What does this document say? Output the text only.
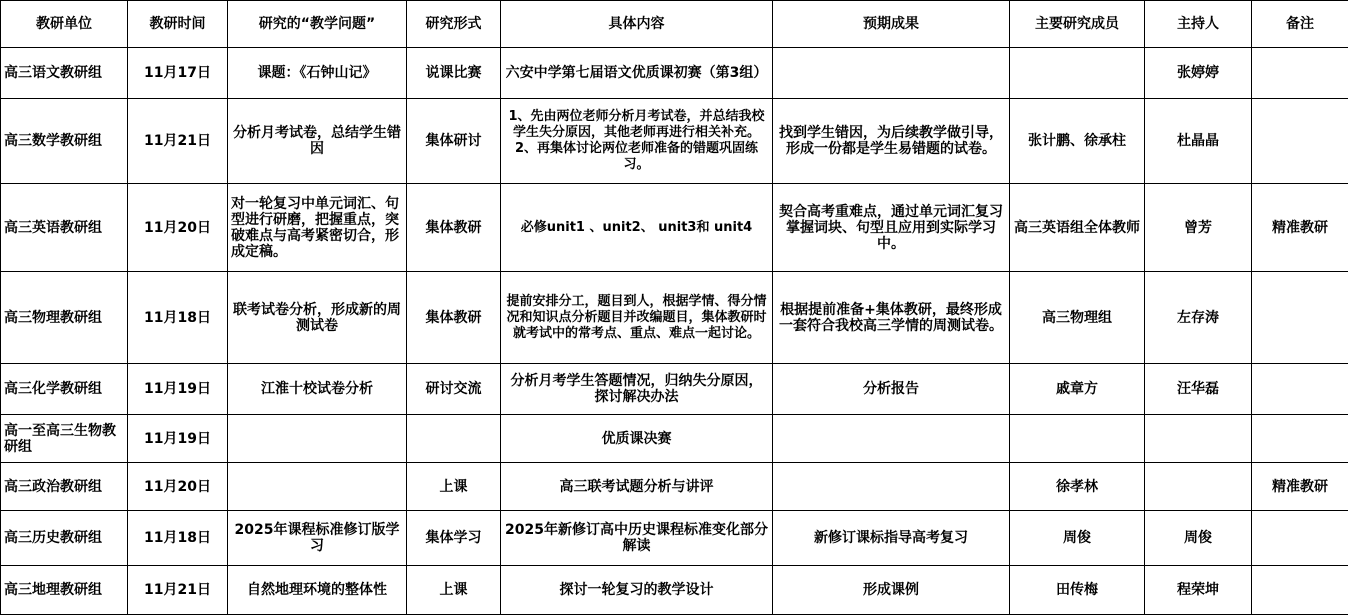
教研单位	教研时间	研究的“教学问题”	研究形式	具体内容	预期成果	主要研究成员	主持人	备注
高三语文教研组	11月17日	课题：《石钟山记》	说课比赛	六安中学第七届语文优质课初赛（第3组）			张婷婷	
高三数学教研组	11月21日	分析月考试卷，总结学生错因	集体研讨	1、先由两位老师分析月考试卷，并总结我校学生失分原因，其他老师再进行相关补充。 2、再集体讨论两位老师准备的错题巩固练习。	找到学生错因，为后续教学做引导，形成一份都是学生易错题的试卷。	张计鹏、徐承柱	杜晶晶	
高三英语教研组	11月20日	对一轮复习中单元词汇、句型进行研磨，把握重点，突破难点与高考紧密切合，形成定稿。	集体教研	必修unit1 、unit2、 unit3和 unit4	契合高考重难点，通过单元词汇复习掌握词块、句型且应用到实际学习中。	高三英语组全体教师	曾芳	精准教研
高三物理教研组	11月18日	联考试卷分析，形成新的周测试卷	集体教研	提前安排分工，题目到人，根据学情、得分情况和知识点分析题目并改编题目，集体教研时就考试中的常考点、重点、难点一起讨论。	根据提前准备+集体教研，最终形成一套符合我校高三学情的周测试卷。	高三物理组	左存涛	
高三化学教研组	11月19日	江淮十校试卷分析	研讨交流	分析月考学生答题情况，归纳失分原因，探讨解决办法	分析报告	戚章方	汪华磊	
高一至高三生物教研组	11月19日			优质课决赛				
高三政治教研组	11月20日		上课	高三联考试题分析与讲评		徐孝林		精准教研
高三历史教研组	11月18日	2025年课程标准修订版学习	集体学习	2025年新修订高中历史课程标准变化部分解读	新修订课标指导高考复习	周俊	周俊	
高三地理教研组	11月21日	自然地理环境的整体性	上课	探讨一轮复习的教学设计	形成课例	田传梅	程荣坤	
